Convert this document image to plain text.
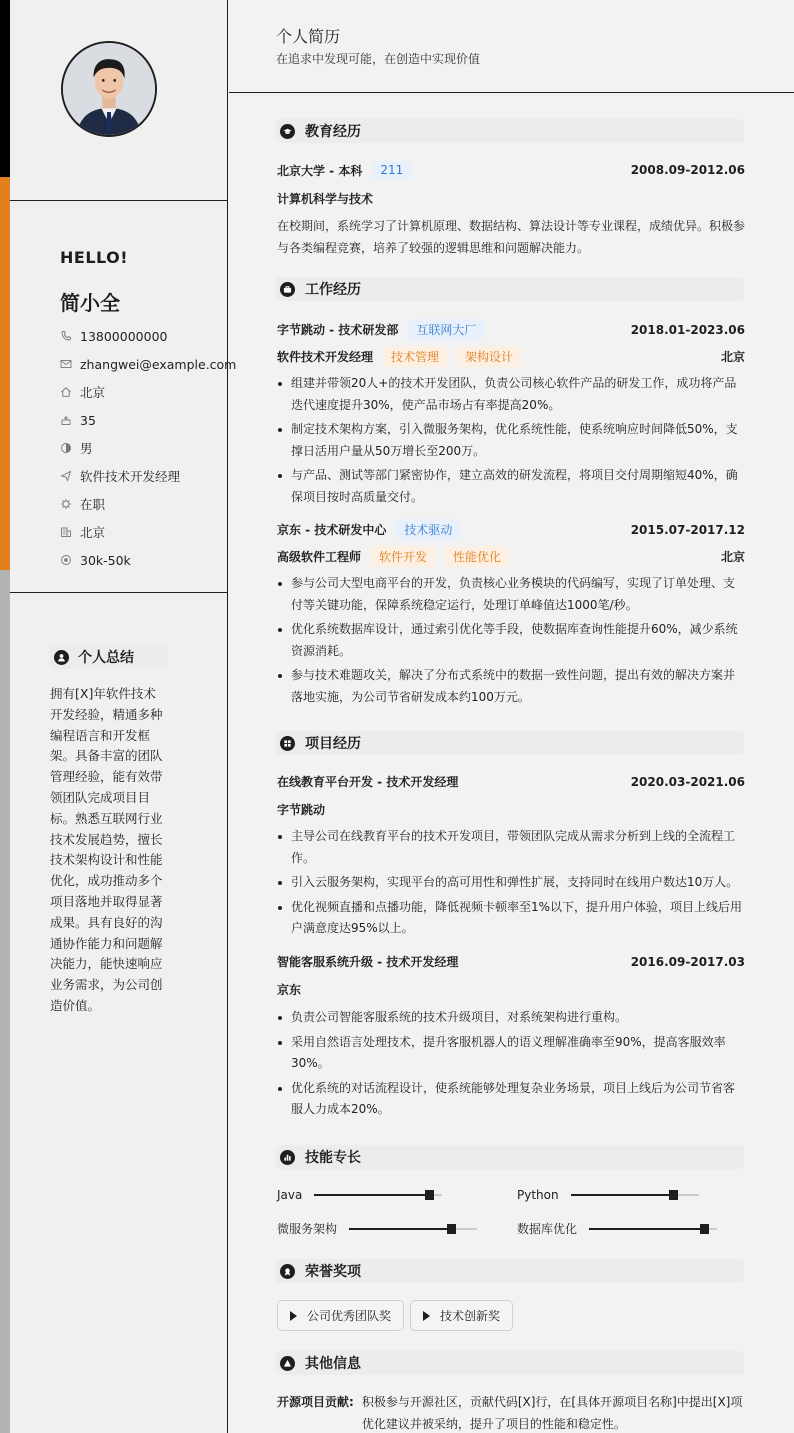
HELLO!
简小全
13800000000
zhangwei@example.com
北京
35
男
软件技术开发经理
在职
北京
30k-50k
个人总结
拥有[X]年软件技术开发经验，精通多种编程语言和开发框架。具备丰富的团队管理经验，能有效带领团队完成项目目标。熟悉互联网行业技术发展趋势，擅长技术架构设计和性能优化，成功推动多个项目落地并取得显著成果。具有良好的沟通协作能力和问题解决能力，能快速响应业务需求，为公司创造价值。
个人简历
在追求中发现可能，在创造中实现价值
教育经历
北京大学 - 本科	211	2008.09-2012.06
计算机科学与技术
在校期间，系统学习了计算机原理、数据结构、算法设计等专业课程，成绩优异。积极参与各类编程竞赛，培养了较强的逻辑思维和问题解决能力。
工作经历
字节跳动 - 技术研发部	互联网大厂	2018.01-2023.06
软件技术开发经理	技术管理	架构设计	北京
组建并带领20人+的技术开发团队，负责公司核心软件产品的研发工作，成功将产品迭代速度提升30%，使产品市场占有率提高20%。
制定技术架构方案，引入微服务架构，优化系统性能，使系统响应时间降低50%，支撑日活用户量从50万增长至200万。
与产品、测试等部门紧密协作，建立高效的研发流程，将项目交付周期缩短40%，确保项目按时高质量交付。
京东 - 技术研发中心	技术驱动	2015.07-2017.12
高级软件工程师	软件开发	性能优化	北京
参与公司大型电商平台的开发，负责核心业务模块的代码编写，实现了订单处理、支付等关键功能，保障系统稳定运行，处理订单峰值达1000笔/秒。
优化系统数据库设计，通过索引优化等手段，使数据库查询性能提升60%，减少系统资源消耗。
参与技术难题攻关，解决了分布式系统中的数据一致性问题，提出有效的解决方案并落地实施，为公司节省研发成本约100万元。
项目经历
在线教育平台开发 - 技术开发经理	2020.03-2021.06
字节跳动
主导公司在线教育平台的技术开发项目，带领团队完成从需求分析到上线的全流程工作。
引入云服务架构，实现平台的高可用性和弹性扩展，支持同时在线用户数达10万人。
优化视频直播和点播功能，降低视频卡顿率至1%以下，提升用户体验，项目上线后用户满意度达95%以上。
智能客服系统升级 - 技术开发经理	2016.09-2017.03
京东
负责公司智能客服系统的技术升级项目，对系统架构进行重构。
采用自然语言处理技术，提升客服机器人的语义理解准确率至90%，提高客服效率30%。
优化系统的对话流程设计，使系统能够处理复杂业务场景，项目上线后为公司节省客服人力成本20%。
技能专长
Java	Python
微服务架构	数据库优化
荣誉奖项
公司优秀团队奖	技术创新奖
其他信息
开源项目贡献: 积极参与开源社区，贡献代码[X]行，在[具体开源项目名称]中提出[X]项优化建议并被采纳，提升了项目的性能和稳定性。
